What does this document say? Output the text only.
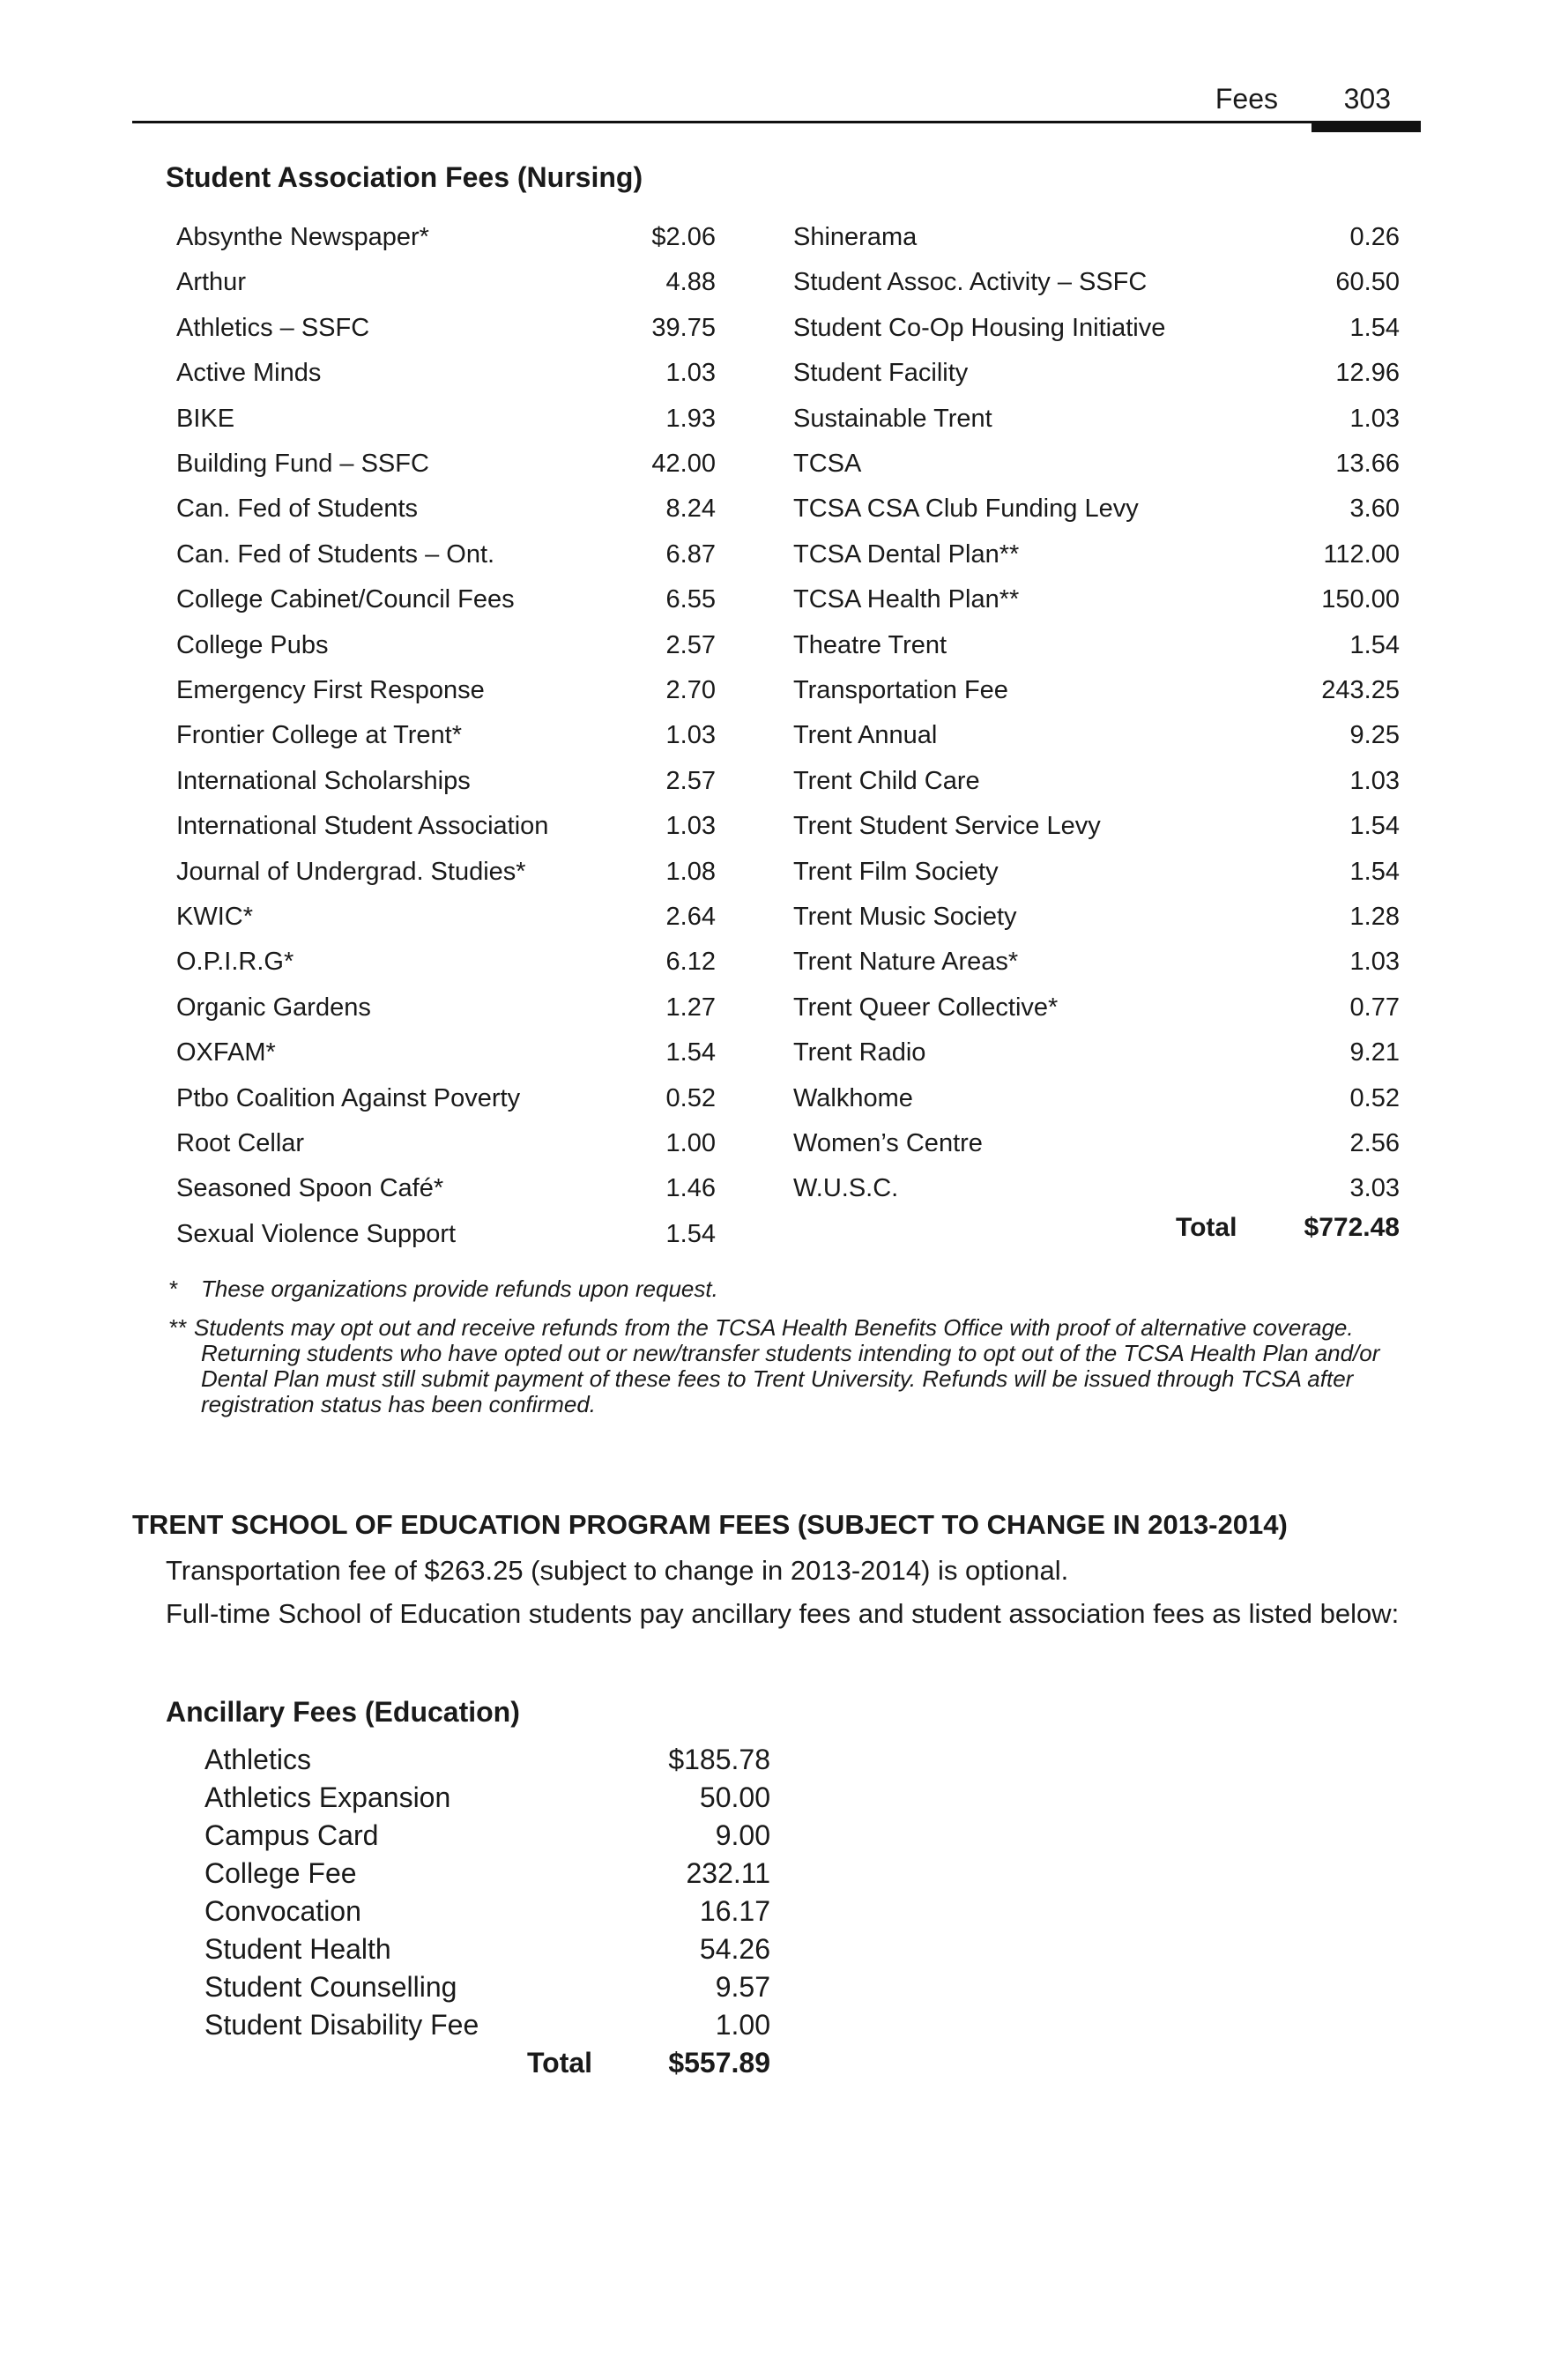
Fees 303
Student Association Fees (Nursing)
Absynthe Newspaper*	$2.06
Arthur	4.88
Athletics – SSFC	39.75
Active Minds	1.03
BIKE	1.93
Building Fund – SSFC	42.00
Can. Fed of Students	8.24
Can. Fed of Students – Ont.	6.87
College Cabinet/Council Fees	6.55
College Pubs	2.57
Emergency First Response	2.70
Frontier College at Trent*	1.03
International Scholarships	2.57
International Student Association	1.03
Journal of Undergrad. Studies*	1.08
KWIC*	2.64
O.P.I.R.G*	6.12
Organic Gardens	1.27
OXFAM*	1.54
Ptbo Coalition Against Poverty	0.52
Root Cellar	1.00
Seasoned Spoon Café*	1.46
Sexual Violence Support	1.54
Shinerama	0.26
Student Assoc. Activity – SSFC	60.50
Student Co-Op Housing Initiative	1.54
Student Facility	12.96
Sustainable Trent	1.03
TCSA	13.66
TCSA CSA Club Funding Levy	3.60
TCSA Dental Plan**	112.00
TCSA Health Plan**	150.00
Theatre Trent	1.54
Transportation Fee	243.25
Trent Annual	9.25
Trent Child Care	1.03
Trent Student Service Levy	1.54
Trent Film Society	1.54
Trent Music Society	1.28
Trent Nature Areas*	1.03
Trent Queer Collective*	0.77
Trent Radio	9.21
Walkhome	0.52
Women’s Centre	2.56
W.U.S.C.	3.03
Total	$772.48
* These organizations provide refunds upon request.
** Students may opt out and receive refunds from the TCSA Health Benefits Office with proof of alternative coverage. Returning students who have opted out or new/transfer students intending to opt out of the TCSA Health Plan and/or Dental Plan must still submit payment of these fees to Trent University. Refunds will be issued through TCSA after registration status has been confirmed.
TRENT SCHOOL OF EDUCATION PROGRAM FEES (SUBJECT TO CHANGE IN 2013-2014)
Transportation fee of $263.25 (subject to change in 2013-2014) is optional.
Full-time School of Education students pay ancillary fees and student association fees as listed below:
Ancillary Fees (Education)
Athletics	$185.78
Athletics Expansion	50.00
Campus Card	9.00
College Fee	232.11
Convocation	16.17
Student Health	54.26
Student Counselling	9.57
Student Disability Fee	1.00
Total	$557.89
